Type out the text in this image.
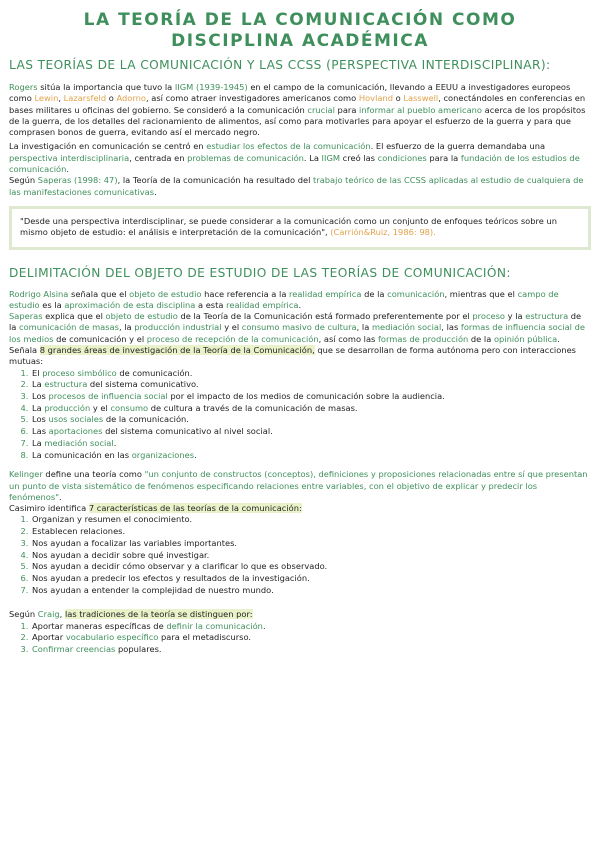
LA TEORÍA DE LA COMUNICACIÓN COMO
DISCIPLINA ACADÉMICA
LAS TEORÍAS DE LA COMUNICACIÓN Y LAS CCSS (PERSPECTIVA INTERDISCIPLINAR):

Rogers sitúa la importancia que tuvo la IIGM (1939-1945) en el campo de la comunicación, llevando a EEUU a investigadores europeos como Lewin, Lazarsfeld o Adorno, así como atraer investigadores americanos como Hovland o Lasswell, conectándoles en conferencias en bases militares u oficinas del gobierno. Se consideró a la comunicación crucial para informar al pueblo americano acerca de los propósitos de la guerra, de los detalles del racionamiento de alimentos, así como para motivarles para apoyar el esfuerzo de la guerra y para que comprasen bonos de guerra, evitando así el mercado negro.

La investigación en comunicación se centró en estudiar los efectos de la comunicación. El esfuerzo de la guerra demandaba una perspectiva interdisciplinaria, centrada en problemas de comunicación. La IIGM creó las condiciones para la fundación de los estudios de comunicación.

Según Saperas (1998: 47), la Teoría de la comunicación ha resultado del trabajo teórico de las CCSS aplicadas al estudio de cualquiera de las manifestaciones comunicativas.

"Desde una perspectiva interdisciplinar, se puede considerar a la comunicación como un conjunto de enfoques teóricos sobre un mismo objeto de estudio: el análisis e interpretación de la comunicación", (Carrión&Ruiz, 1986: 98).

DELIMITACIÓN DEL OBJETO DE ESTUDIO DE LAS TEORÍAS DE COMUNICACIÓN:

Rodrigo Alsina señala que el objeto de estudio hace referencia a la realidad empírica de la comunicación, mientras que el campo de estudio es la aproximación de esta disciplina a esta realidad empírica.

Saperas explica que el objeto de estudio de la Teoría de la Comunicación está formado preferentemente por el proceso y la estructura de la comunicación de masas, la producción industrial y el consumo masivo de cultura, la mediación social, las formas de influencia social de los medios de comunicación y el proceso de recepción de la comunicación, así como las formas de producción de la opinión pública.

Señala 8 grandes áreas de investigación de la Teoría de la Comunicación, que se desarrollan de forma autónoma pero con interacciones mutuas:

1. El proceso simbólico de comunicación.
2. La estructura del sistema comunicativo.
3. Los procesos de influencia social por el impacto de los medios de comunicación sobre la audiencia.
4. La producción y el consumo de cultura a través de la comunicación de masas.
5. Los usos sociales de la comunicación.
6. Las aportaciones del sistema comunicativo al nivel social.
7. La mediación social.
8. La comunicación en las organizaciones.

Kelinger define una teoría como "un conjunto de constructos (conceptos), definiciones y proposiciones relacionadas entre sí que presentan un punto de vista sistemático de fenómenos especificando relaciones entre variables, con el objetivo de explicar y predecir los fenómenos".

Casimiro identifica 7 características de las teorías de la comunicación:

1. Organizan y resumen el conocimiento.
2. Establecen relaciones.
3. Nos ayudan a focalizar las variables importantes.
4. Nos ayudan a decidir sobre qué investigar.
5. Nos ayudan a decidir cómo observar y a clarificar lo que es observado.
6. Nos ayudan a predecir los efectos y resultados de la investigación.
7. Nos ayudan a entender la complejidad de nuestro mundo.

Según Craig, las tradiciones de la teoría se distinguen por:

1. Aportar maneras específicas de definir la comunicación.
2. Aportar vocabulario específico para el metadiscurso.
3. Confirmar creencias populares.
